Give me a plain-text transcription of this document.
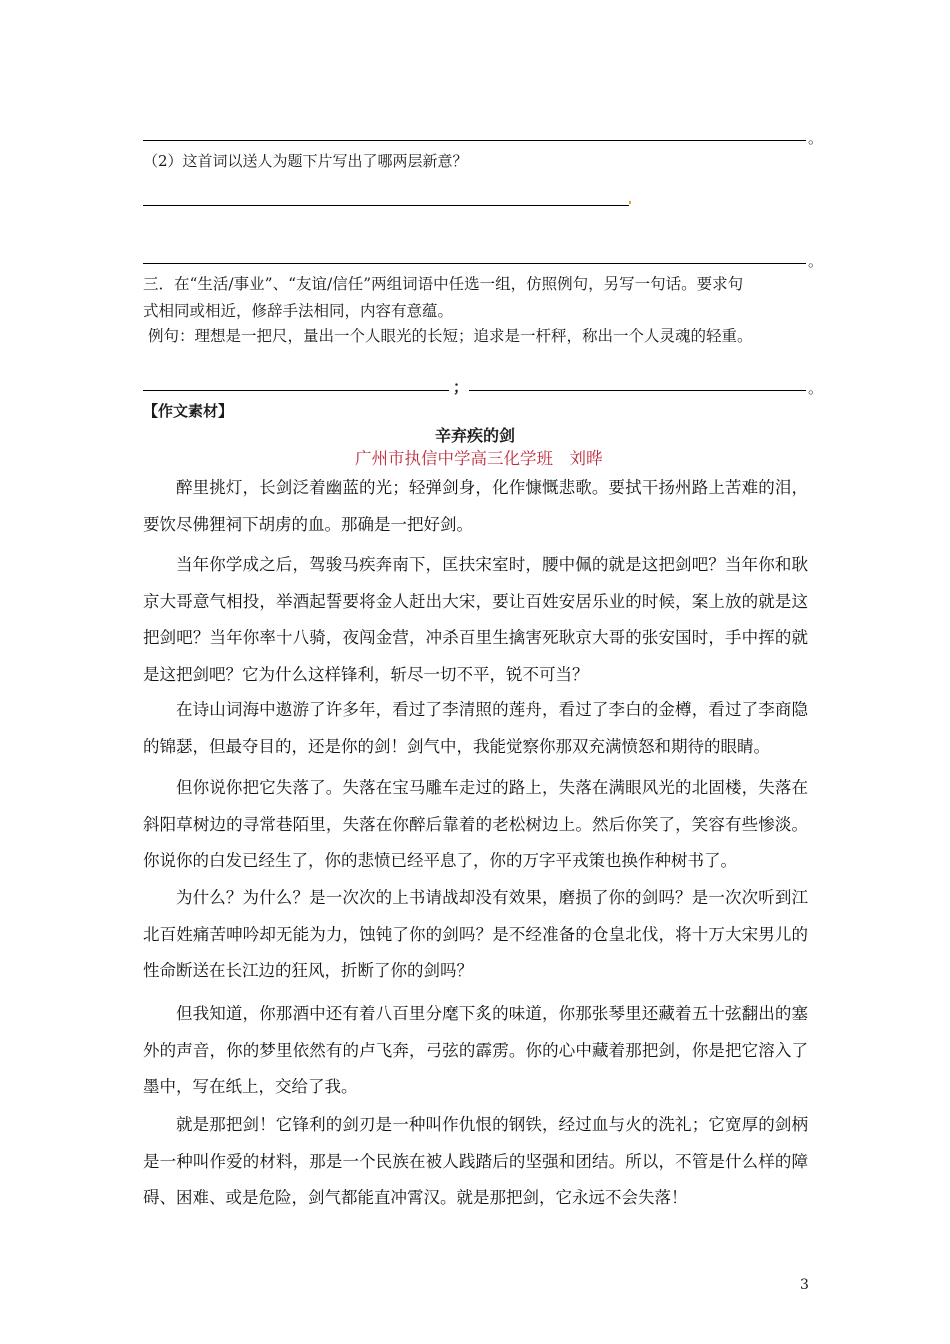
。
（2）这首词以送人为题下片写出了哪两层新意？
。
三．在“生活/事业”、“友谊/信任”两组词语中任选一组，仿照例句，另写一句话。要求句
式相同或相近，修辞手法相同，内容有意蕴。
例句：理想是一把尺，量出一个人眼光的长短；追求是一杆秤，称出一个人灵魂的轻重。
；	。
【作文素材】
辛弃疾的剑
广州市执信中学高三化学班　刘晔

醉里挑灯，长剑泛着幽蓝的光；轻弹剑身，化作慷慨悲歌。要拭干扬州路上苦难的泪，要饮尽佛狸祠下胡虏的血。那确是一把好剑。

当年你学成之后，驾骏马疾奔南下，匡扶宋室时，腰中佩的就是这把剑吧？当年你和耿京大哥意气相投，举酒起誓要将金人赶出大宋，要让百姓安居乐业的时候，案上放的就是这把剑吧？当年你率十八骑，夜闯金营，冲杀百里生擒害死耿京大哥的张安国时，手中挥的就是这把剑吧？它为什么这样锋利，斩尽一切不平，锐不可当？

在诗山词海中遨游了许多年，看过了李清照的莲舟，看过了李白的金樽，看过了李商隐的锦瑟，但最夺目的，还是你的剑！剑气中，我能觉察你那双充满愤怒和期待的眼睛。

但你说你把它失落了。失落在宝马雕车走过的路上，失落在满眼风光的北固楼，失落在斜阳草树边的寻常巷陌里，失落在你醉后靠着的老松树边上。然后你笑了，笑容有些惨淡。你说你的白发已经生了，你的悲愤已经平息了，你的万字平戎策也换作种树书了。

为什么？为什么？是一次次的上书请战却没有效果，磨损了你的剑吗？是一次次听到江北百姓痛苦呻吟却无能为力，蚀钝了你的剑吗？是不经准备的仓皇北伐，将十万大宋男儿的性命断送在长江边的狂风，折断了你的剑吗？

但我知道，你那酒中还有着八百里分麾下炙的味道，你那张琴里还藏着五十弦翻出的塞外的声音，你的梦里依然有的卢飞奔，弓弦的霹雳。你的心中藏着那把剑，你是把它溶入了墨中，写在纸上，交给了我。

就是那把剑！它锋利的剑刃是一种叫作仇恨的钢铁，经过血与火的洗礼；它宽厚的剑柄是一种叫作爱的材料，那是一个民族在被人践踏后的坚强和团结。所以，不管是什么样的障碍、困难、或是危险，剑气都能直冲霄汉。就是那把剑，它永远不会失落！

3
